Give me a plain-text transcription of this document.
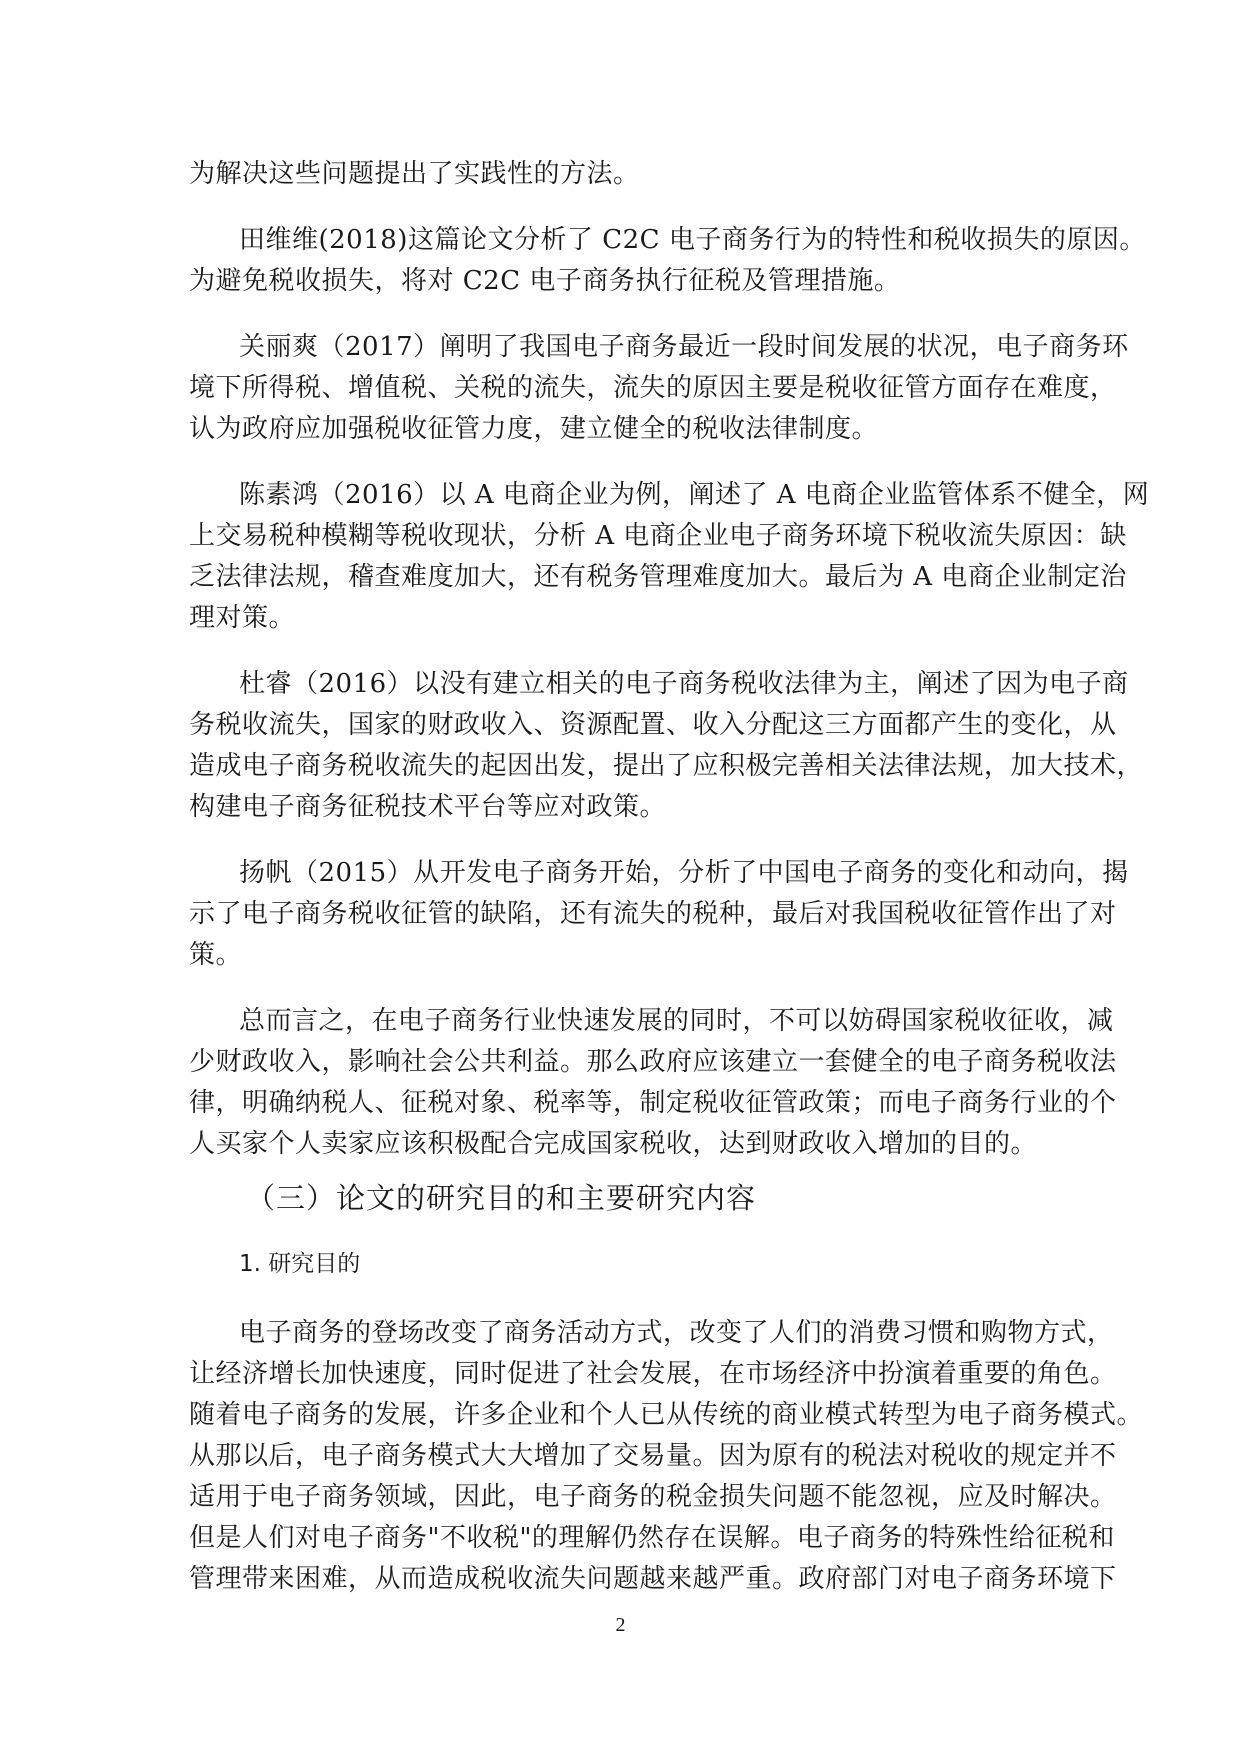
为解决这些问题提出了实践性的方法。
田维维(2018)这篇论文分析了 C2C 电子商务行为的特性和税收损失的原因。
为避免税收损失，将对 C2C 电子商务执行征税及管理措施。
关丽爽（2017）阐明了我国电子商务最近一段时间发展的状况，电子商务环
境下所得税、增值税、关税的流失，流失的原因主要是税收征管方面存在难度，
认为政府应加强税收征管力度，建立健全的税收法律制度。
陈素鸿（2016）以 A 电商企业为例，阐述了 A 电商企业监管体系不健全，网
上交易税种模糊等税收现状，分析 A 电商企业电子商务环境下税收流失原因：缺
乏法律法规，稽查难度加大，还有税务管理难度加大。最后为 A 电商企业制定治
理对策。
杜睿（2016）以没有建立相关的电子商务税收法律为主，阐述了因为电子商
务税收流失，国家的财政收入、资源配置、收入分配这三方面都产生的变化，从
造成电子商务税收流失的起因出发，提出了应积极完善相关法律法规，加大技术，
构建电子商务征税技术平台等应对政策。
扬帆（2015）从开发电子商务开始，分析了中国电子商务的变化和动向，揭
示了电子商务税收征管的缺陷，还有流失的税种，最后对我国税收征管作出了对
策。
总而言之，在电子商务行业快速发展的同时，不可以妨碍国家税收征收，减
少财政收入，影响社会公共利益。那么政府应该建立一套健全的电子商务税收法
律，明确纳税人、征税对象、税率等，制定税收征管政策；而电子商务行业的个
人买家个人卖家应该积极配合完成国家税收，达到财政收入增加的目的。
（三）论文的研究目的和主要研究内容
1. 研究目的
电子商务的登场改变了商务活动方式，改变了人们的消费习惯和购物方式，
让经济增长加快速度，同时促进了社会发展，在市场经济中扮演着重要的角色。
随着电子商务的发展，许多企业和个人已从传统的商业模式转型为电子商务模式。
从那以后，电子商务模式大大增加了交易量。因为原有的税法对税收的规定并不
适用于电子商务领域，因此，电子商务的税金损失问题不能忽视，应及时解决。
但是人们对电子商务"不收税"的理解仍然存在误解。电子商务的特殊性给征税和
管理带来困难，从而造成税收流失问题越来越严重。政府部门对电子商务环境下
2
